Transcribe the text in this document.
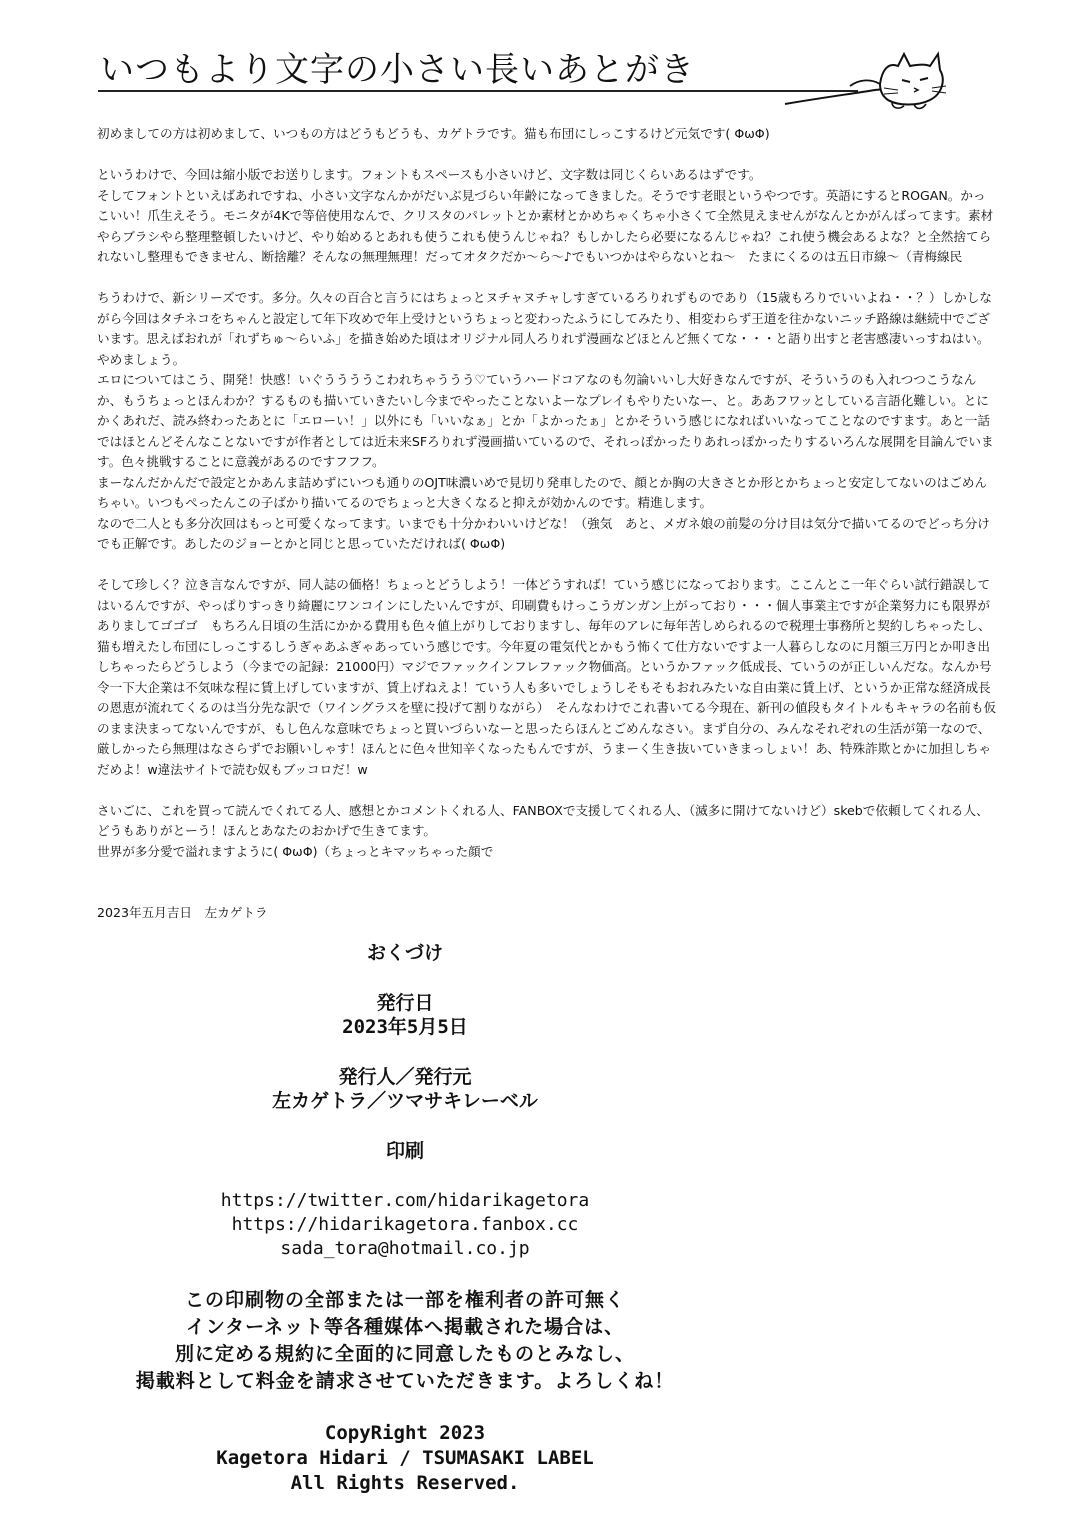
いつもより文字の小さい長いあとがき

初めましての方は初めまして、いつもの方はどうもどうも、カゲトラです。猫も布団にしっこするけど元気です( ΦωΦ)

というわけで、今回は縮小版でお送りします。フォントもスペースも小さいけど、文字数は同じくらいあるはずです。
そしてフォントといえばあれですね、小さい文字なんかがだいぶ見づらい年齢になってきました。そうです老眼というやつです。英語にするとROGAN。かっこいい！爪生えそう。モニタが4Kで等倍使用なんで、クリスタのパレットとか素材とかめちゃくちゃ小さくて全然見えませんがなんとかがんばってます。素材やらブラシやら整理整頓したいけど、やり始めるとあれも使うこれも使うんじゃね？もしかしたら必要になるんじゃね？これ使う機会あるよな？と全然捨てられないし整理もできません、断捨離？そんなの無理無理！だってオタクだか〜ら〜♪でもいつかはやらないとね〜　たまにくるのは五日市線〜（青梅線民

ちうわけで、新シリーズです。多分。久々の百合と言うにはちょっとヌチャヌチャしすぎているろりれずものであり（15歳もろりでいいよね・・？）しかしながら今回はタチネコをちゃんと設定して年下攻めで年上受けというちょっと変わったふうにしてみたり、相変わらず王道を往かないニッチ路線は継続中でございます。思えばおれが「れずちゅ〜らいふ」を描き始めた頃はオリジナル同人ろりれず漫画などほとんど無くてな・・・と語り出すと老害感凄いっすねはい。やめましょう。
エロについてはこう、開発！快感！いぐううううこわれちゃううう♡ていうハードコアなのも勿論いいし大好きなんですが、そういうのも入れつつこうなんか、もうちょっとほんわか？するものも描いていきたいし今までやったことないよーなプレイもやりたいなー、と。ああフワッとしている言語化難しい。とにかくあれだ、読み終わったあとに「エローい！」以外にも「いいなぁ」とか「よかったぁ」とかそういう感じになればいいなってことなのですます。あと一話ではほとんどそんなことないですが作者としては近未来SFろりれず漫画描いているので、それっぽかったりあれっぽかったりするいろんな展開を目論んでいます。色々挑戦することに意義があるのですフフフ。
まーなんだかんだで設定とかあんま詰めずにいつも通りのOJT味濃いめで見切り発車したので、顔とか胸の大きさとか形とかちょっと安定してないのはごめんちゃい。いつもぺったんこの子ばかり描いてるのでちょっと大きくなると抑えが効かんのです。精進します。
なので二人とも多分次回はもっと可愛くなってます。いまでも十分かわいいけどな！（強気　あと、メガネ娘の前髪の分け目は気分で描いてるのでどっち分けでも正解です。あしたのジョーとかと同じと思っていただければ( ΦωΦ)

そして珍しく？泣き言なんですが、同人誌の価格！ちょっとどうしよう！一体どうすれば！ていう感じになっております。ここんとこ一年ぐらい試行錯誤してはいるんですが、やっぱりすっきり綺麗にワンコインにしたいんですが、印刷費もけっこうガンガン上がっており・・・個人事業主ですが企業努力にも限界がありましてゴゴゴ　もちろん日頃の生活にかかる費用も色々値上がりしておりますし、毎年のアレに毎年苦しめられるので税理士事務所と契約しちゃったし、猫も増えたし布団にしっこするしうぎゃあふぎゃあっていう感じです。今年夏の電気代とかもう怖くて仕方ないですよ一人暮らしなのに月額三万円とか叩き出しちゃったらどうしよう（今までの記録：21000円）マジでファックインフレファック物価高。というかファック低成長、ていうのが正しいんだな。なんか号令一下大企業は不気味な程に賃上げしていますが、賃上げねえよ！ていう人も多いでしょうしそもそもおれみたいな自由業に賃上げ、というか正常な経済成長の恩恵が流れてくるのは当分先な訳で（ワイングラスを壁に投げて割りながら）　そんなわけでこれ書いてる今現在、新刊の値段もタイトルもキャラの名前も仮のまま決まってないんですが、もし色んな意味でちょっと買いづらいなーと思ったらほんとごめんなさい。まず自分の、みんなそれぞれの生活が第一なので、厳しかったら無理はなさらずでお願いしゃす！ほんとに色々世知辛くなったもんですが、うまーく生き抜いていきまっしょい！あ、特殊詐欺とかに加担しちゃだめよ！w違法サイトで読む奴もブッコロだ！w

さいごに、これを買って読んでくれてる人、感想とかコメントくれる人、FANBOXで支援してくれる人、（滅多に開けてないけど）skebで依頼してくれる人、どうもありがとーう！ほんとあなたのおかげで生きてます。
世界が多分愛で溢れますように( ΦωΦ)（ちょっとキマッちゃった顔で

2023年五月吉日　左カゲトラ
おくづけ
発行日
2023年5月5日
発行人／発行元
左カゲトラ／ツマサキレーベル
印刷
https://twitter.com/hidarikagetora
https://hidarikagetora.fanbox.cc
sada_tora@hotmail.co.jp
この印刷物の全部または一部を権利者の許可無く
インターネット等各種媒体へ掲載された場合は、
別に定める規約に全面的に同意したものとみなし、
掲載料として料金を請求させていただきます。よろしくね！
CopyRight 2023
Kagetora Hidari / TSUMASAKI LABEL
All Rights Reserved.
